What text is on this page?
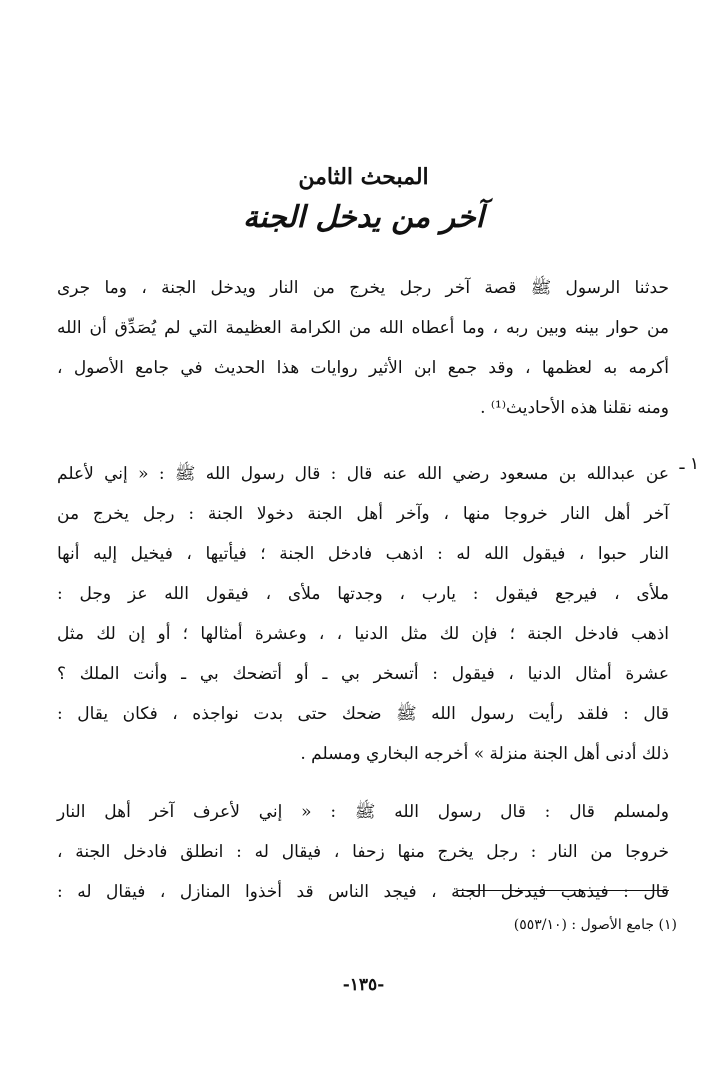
المبحث الثامن
آخر من يدخل الجنة
حدثنا الرسول ﷺ قصة آخر رجل يخرج من النار ويدخل الجنة ، وما جرى
من حوار بينه وبين ربه ، وما أعطاه الله من الكرامة العظيمة التي لم يُصَدِّق أن الله
أكرمه به لعظمها ، وقد جمع ابن الأثير روايات هذا الحديث في جامع الأصول ،
ومنه نقلنا هذه الأحاديث⁽¹⁾ .
١ ـ
عن عبدالله بن مسعود رضي الله عنه قال : قال رسول الله ﷺ : « إني لأعلم
آخر أهل النار خروجا منها ، وآخر أهل الجنة دخولا الجنة : رجل يخرج من
النار حبوا ، فيقول الله له : اذهب فادخل الجنة ؛ فيأتيها ، فيخيل إليه أنها
ملأى ، فيرجع فيقول : يارب ، وجدتها ملأى ، فيقول الله عز وجل :
اذهب فادخل الجنة ؛ فإن لك مثل الدنيا ، ، وعشرة أمثالها ؛ أو إن لك مثل
عشرة أمثال الدنيا ، فيقول : أتسخر بي ـ أو أتضحك بي ـ وأنت الملك ؟
قال : فلقد رأيت رسول الله ﷺ ضحك حتى بدت نواجذه ، فكان يقال :
ذلك أدنى أهل الجنة منزلة » أخرجه البخاري ومسلم .
ولمسلم قال : قال رسول الله ﷺ : « إني لأعرف آخر أهل النار
خروجا من النار : رجل يخرج منها زحفا ، فيقال له : انطلق فادخل الجنة ،
قال : فيذهب فيدخل الجنة ، فيجد الناس قد أخذوا المنازل ، فيقال له :
(١) جامع الأصول : (٥٥٣/١٠)
-١٣٥-
